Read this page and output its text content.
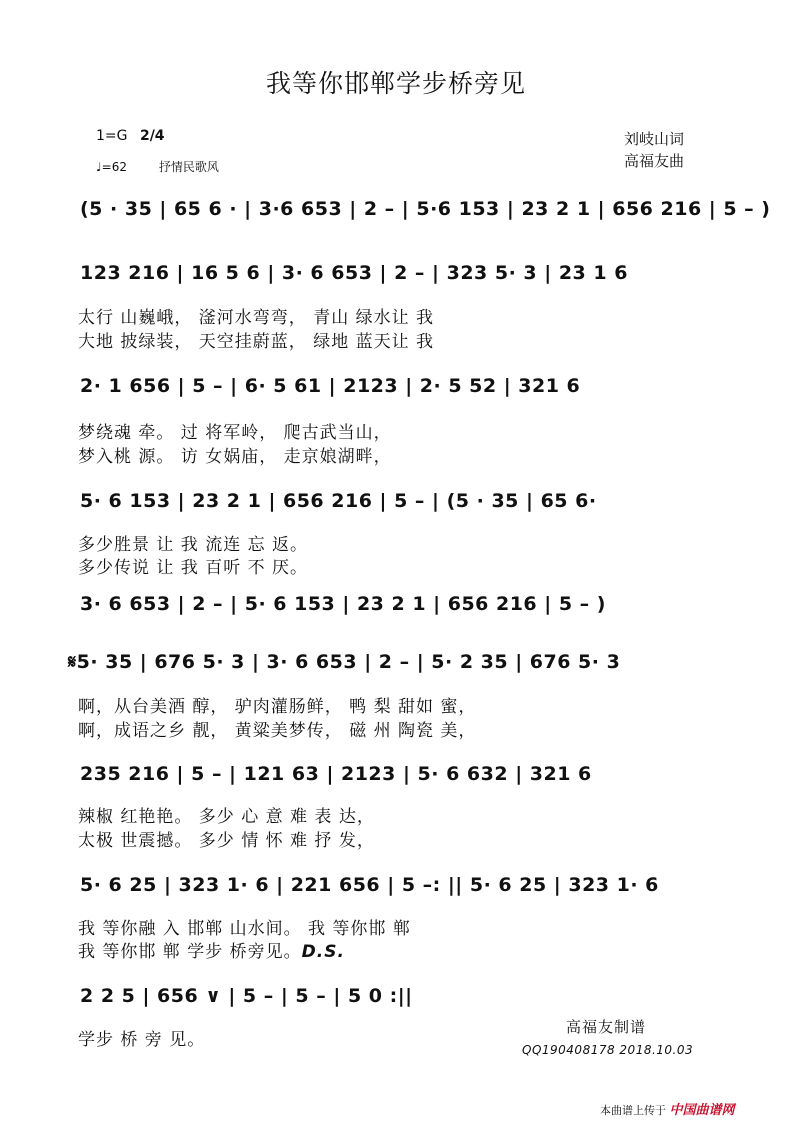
我等你邯郸学步桥旁见
1=G 2/4
♩=62	抒情民歌风
刘岐山词
高福友曲
(5 · 35 | 65 6 · | 3·6 653 | 2 – | 5·6 153 | 23 2 1 | 656 216 | 5 – )
123 216 | 16 5 6 | 3· 6 653 | 2 – | 323 5· 3 | 23 1 6
太行 山巍峨， 滏河水弯弯， 青山 绿水让 我
大地 披绿装， 天空挂蔚蓝， 绿地 蓝天让 我
2· 1 656 | 5 – | 6· 5 61 | 2123 | 2· 5 52 | 321 6
梦绕魂 牵。 过 将军岭， 爬古武当山，
梦入桃 源。 访 女娲庙， 走京娘湖畔，
5· 6 153 | 23 2 1 | 656 216 | 5 – | (5 · 35 | 65 6·
多少胜景 让 我 流连 忘 返。
多少传说 让 我 百听 不 厌。
3· 6 653 | 2 – | 5· 6 153 | 23 2 1 | 656 216 | 5 – )
𝄋5· 35 | 676 5· 3 | 3· 6 653 | 2 – | 5· 2 35 | 676 5· 3
啊，从台美酒 醇， 驴肉灌肠鲜， 鸭 梨 甜如 蜜，
啊，成语之乡 靓， 黄粱美梦传， 磁 州 陶瓷 美，
235 216 | 5 – | 121 63 | 2123 | 5· 6 632 | 321 6
辣椒 红艳艳。 多少 心 意 难 表 达，
太极 世震撼。 多少 情 怀 难 抒 发，
5· 6 25 | 323 1· 6 | 221 656 | 5 –: || 5· 6 25 | 323 1· 6
我 等你融 入 邯郸 山水间。 我 等你邯 郸
我 等你邯 郸 学步 桥旁见。D.S.
2 2 5 | 656 ∨ | 5 – | 5 – | 5 0 :||
学步 桥 旁 见。
高福友制谱
QQ190408178 2018.10.03
本曲谱上传于 中国曲谱网
